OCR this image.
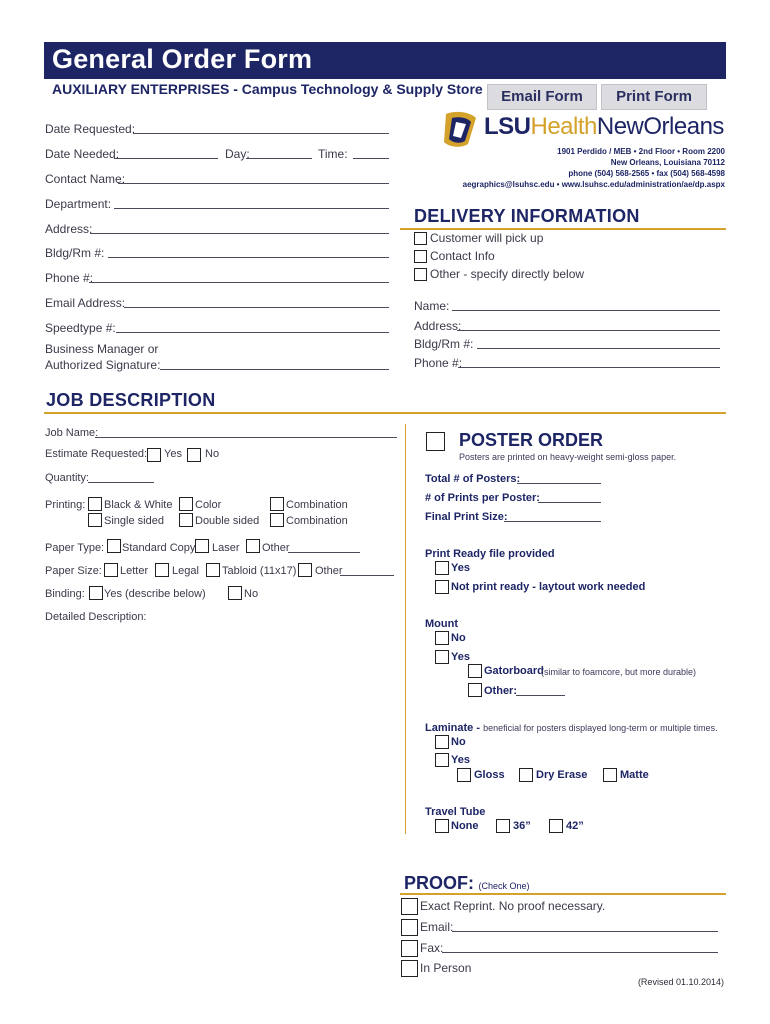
General Order Form
AUXILIARY ENTERPRISES - Campus Technology & Supply Store	Email Form	Print Form
LSUHealthNewOrleans
1901 Perdido / MEB • 2nd Floor • Room 2200
New Orleans, Louisiana 70112
phone (504) 568-2565 • fax (504) 568-4598
aegraphics@lsuhsc.edu • www.lsuhsc.edu/administration/ae/dp.aspx
Date Requested:
Date Needed:	Day:	Time:
Contact Name:
Department:
Address:
Bldg/Rm #:
Phone #:
Email Address:
Speedtype #:
Business Manager or
Authorized Signature:
DELIVERY INFORMATION
Customer will pick up
Contact Info
Other - specify directly below
Name:
Address:
Bldg/Rm #:
Phone #:
JOB DESCRIPTION
Job Name:
Estimate Requested: Yes No
Quantity:
Printing: Black & White Color	Combination
Single sided	Double sided Combination
Paper Type: Standard Copy Laser Other
Paper Size: Letter Legal Tabloid (11x17) Other
Binding: Yes (describe below)	No
Detailed Description:
POSTER ORDER
Posters are printed on heavy-weight semi-gloss paper.
Total # of Posters:
# of Prints per Poster:
Final Print Size:
Print Ready file provided
Yes
Not print ready - laytout work needed
Mount
No
Yes
Gatorboard
(similar to foamcore, but more durable)
Other:
Laminate - beneficial for posters displayed long-term or multiple times.
No
Yes
Gloss	Dry Erase	Matte
Travel Tube
None	36”	42”
PROOF: (Check One)
Exact Reprint. No proof necessary.
Email:
Fax:
In Person
(Revised 01.10.2014)
